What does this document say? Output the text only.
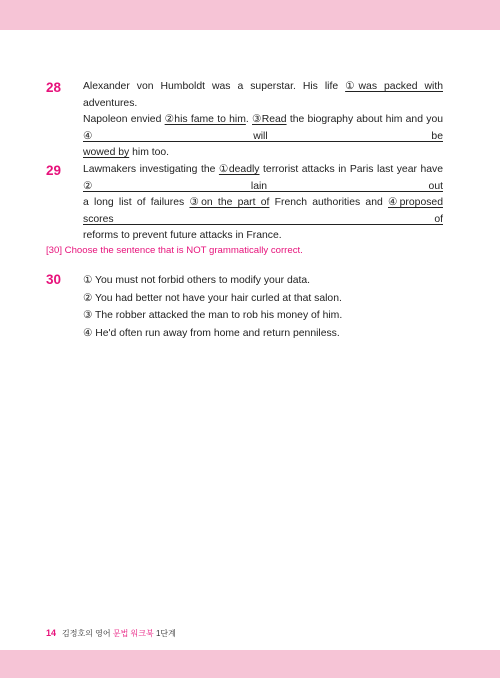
28 Alexander von Humboldt was a superstar. His life ①was packed with adventures.
Napoleon envied ②his fame to him. ③Read the biography about him and you ④will be
wowed by him too.
29 Lawmakers investigating the ①deadly terrorist attacks in Paris last year have ②lain out
a long list of failures ③on the part of French authorities and ④proposed scores of
reforms to prevent future attacks in France.
[30] Choose the sentence that is NOT grammatically correct.
30 ① You must not forbid others to modify your data.
② You had better not have your hair curled at that salon.
③ The robber attacked the man to rob his money of him.
④ He'd often run away from home and return penniless.
14 김정호의 영어 문법 워크북 1단계
